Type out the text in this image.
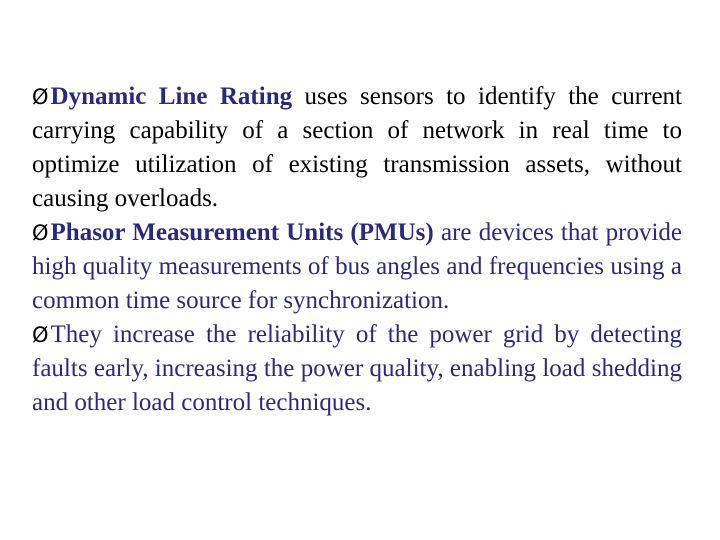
ØDynamic Line Rating uses sensors to identify the current carrying capability of a section of network in real time to optimize utilization of existing transmission assets, without causing overloads.

ØPhasor Measurement Units (PMUs) are devices that provide high quality measurements of bus angles and frequencies using a common time source for synchronization.

ØThey increase the reliability of the power grid by detecting faults early, increasing the power quality, enabling load shedding and other load control techniques.
